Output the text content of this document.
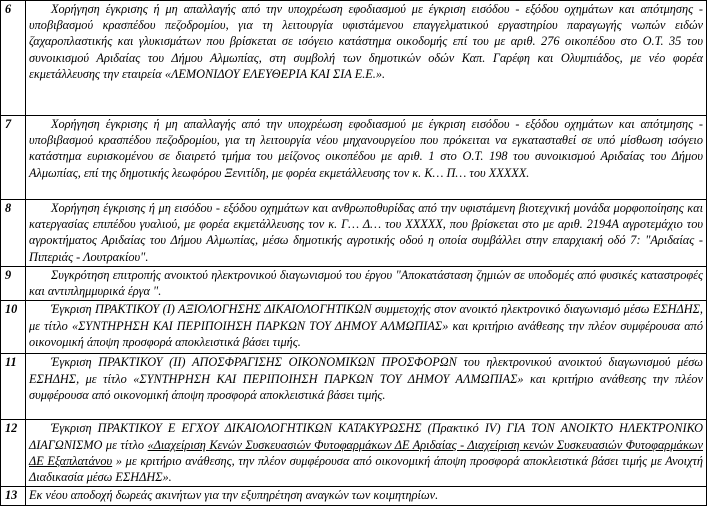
6	Χορήγηση έγκρισης ή μη απαλλαγής από την υποχρέωση εφοδιασμού με έγκριση εισόδου - εξόδου οχημάτων και απότμησης - υποβιβασμού κρασπέδου πεζοδρομίου, για τη λειτουργία υφιστάμενου επαγγελματικού εργαστηρίου παραγωγής νωπών ειδών ζαχαροπλαστικής και γλυκισμάτων που βρίσκεται σε ισόγειο κατάστημα οικοδομής επί του με αριθ. 276 οικοπέδου στο Ο.Τ. 35 του συνοικισμού Αριδαίας του Δήμου Αλμωπίας, στη συμβολή των δημοτικών οδών Καπ. Γαρέφη και Ολυμπιάδος, με νέο φορέα εκμετάλλευσης την εταιρεία «ΛΕΜΟΝΙΔΟΥ ΕΛΕΥΘΕΡΙΑ ΚΑΙ ΣΙΑ Ε.Ε.».

7	Χορήγηση έγκρισης ή μη απαλλαγής από την υποχρέωση εφοδιασμού με έγκριση εισόδου - εξόδου οχημάτων και απότμησης - υποβιβασμού κρασπέδου πεζοδρομίου, για τη λειτουργία νέου μηχανουργείου που πρόκειται να εγκατασταθεί σε υπό μίσθωση ισόγειο κατάστημα ευρισκομένου σε διαιρετό τμήμα του μείζονος οικοπέδου με αριθ. 1 στο Ο.Τ. 198 του συνοικισμού Αριδαίας του Δήμου Αλμωπίας, επί της δημοτικής λεωφόρου Ξενιτίδη, με φορέα εκμετάλλευσης τον κ. Κ… Π… του ΧΧΧΧΧ.

8	Χορήγηση έγκρισης ή μη εισόδου - εξόδου οχημάτων και ανθρωποθυρίδας από την υφιστάμενη βιοτεχνική μονάδα μορφοποίησης και κατεργασίας επιπέδου γυαλιού, με φορέα εκμετάλλευσης τον κ. Γ… Δ… του ΧΧΧΧΧ, που βρίσκεται στο με αριθ. 2194Α αγροτεμάχιο του αγροκτήματος Αριδαίας του Δήμου Αλμωπίας, μέσω δημοτικής αγροτικής οδού η οποία συμβάλλει στην επαρχιακή οδό 7: "Αριδαίας - Πιπεριάς - Λουτρακίου".

9	Συγκρότηση επιτροπής ανοικτού ηλεκτρονικού διαγωνισμού του έργου "Αποκατάσταση ζημιών σε υποδομές από φυσικές καταστροφές και αντιπλημμυρικά έργα ".

10	Έγκριση ΠΡΑΚΤΙΚΟΥ (Ι) ΑΞΙΟΛΟΓΗΣΗΣ ΔΙΚΑΙΟΛΟΓΗΤΙΚΩΝ συμμετοχής στον ανοικτό ηλεκτρονικό διαγωνισμό μέσω ΕΣΗΔΗΣ, με τίτλο «ΣΥΝΤΗΡΗΣΗ ΚΑΙ ΠΕΡΙΠΟΙΗΣΗ ΠΑΡΚΩΝ ΤΟΥ ΔΗΜΟΥ ΑΛΜΩΠΙΑΣ» και κριτήριο ανάθεσης την πλέον συμφέρουσα από οικονομική άποψη προσφορά αποκλειστικά βάσει τιμής.

11	Έγκριση ΠΡΑΚΤΙΚΟΥ (ΙΙ) ΑΠΟΣΦΡΑΓΙΣΗΣ ΟΙΚΟΝΟΜΙΚΩΝ ΠΡΟΣΦΟΡΩΝ του ηλεκτρονικού ανοικτού διαγωνισμού μέσω ΕΣΗΔΗΣ, με τίτλο «ΣΥΝΤΗΡΗΣΗ ΚΑΙ ΠΕΡΙΠΟΙΗΣΗ ΠΑΡΚΩΝ ΤΟΥ ΔΗΜΟΥ ΑΛΜΩΠΙΑΣ» και κριτήριο ανάθεσης την πλέον συμφέρουσα από οικονομική άποψη προσφορά αποκλειστικά βάσει τιμής.

12	Έγκριση ΠΡΑΚΤΙΚΟΥ Ε ΕΓΧΟΥ ΔΙΚΑΙΟΛΟΓΗΤΙΚΩΝ ΚΑΤΑΚΥΡΩΣΗΣ (Πρακτικό IV) ΓΙΑ ΤΟΝ ΑΝΟΙΚΤΟ ΗΛΕΚΤΡΟΝΙΚΟ ΔΙΑΓΩΝΙΣΜΟ με τίτλο «Διαχείριση Κενών Συσκευασιών Φυτοφαρμάκων ΔΕ Αριδαίας - Διαχείριση κενών Συσκευασιών Φυτοφαρμάκων ΔΕ Εξαπλατάνου » με κριτήριο ανάθεσης, την πλέον συμφέρουσα από οικονομική άποψη προσφορά αποκλειστικά βάσει τιμής με Ανοιχτή Διαδικασία μέσω ΕΣΗΔΗΣ».

13	Εκ νέου αποδοχή δωρεάς ακινήτων για την εξυπηρέτηση αναγκών των κοιμητηρίων.
